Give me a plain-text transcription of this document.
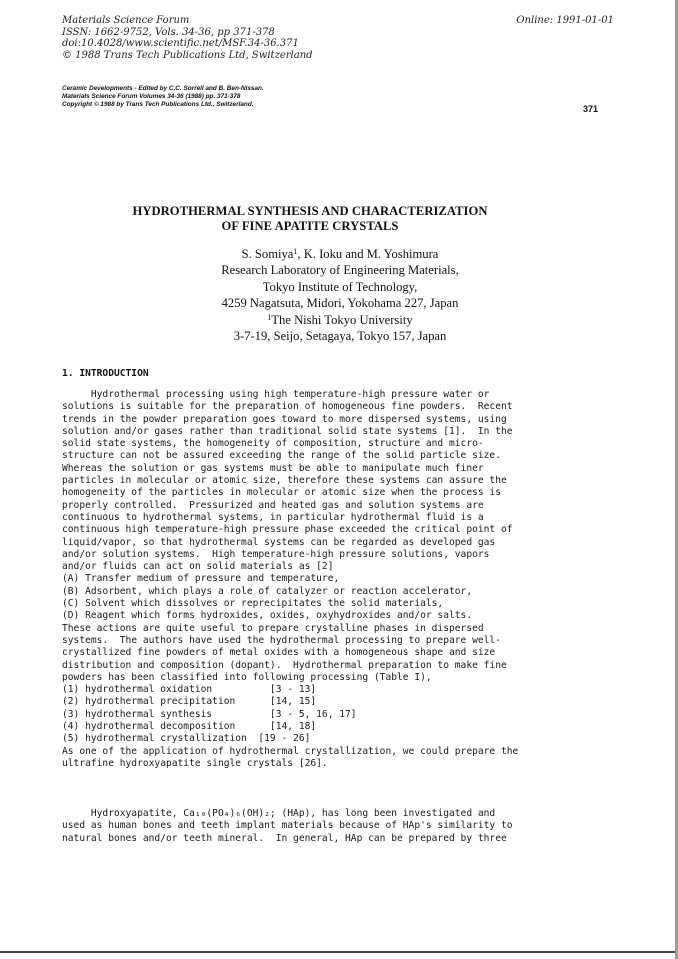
Materials Science Forum
ISSN: 1662-9752, Vols. 34-36, pp 371-378
doi:10.4028/www.scientific.net/MSF.34-36.371
© 1988 Trans Tech Publications Ltd, Switzerland
Online: 1991-01-01
Ceramic Developments - Edited by C.C. Sorrell and B. Ben-Nissan.
Materials Science Forum Volumes 34-36 (1988) pp. 371-378
Copyright © 1988 by Trans Tech Publications Ltd., Switzerland.	371
HYDROTHERMAL SYNTHESIS AND CHARACTERIZATION
OF FINE APATITE CRYSTALS
S. Somiya$^1$, K. Ioku and M. Yoshimura
Research Laboratory of Engineering Materials,
Tokyo Institute of Technology,
4259 Nagatsuta, Midori, Yokohama 227, Japan
$^1$The Nishi Tokyo University
3-7-19, Seijo, Setagaya, Tokyo 157, Japan
1. INTRODUCTION
Hydrothermal processing using high temperature-high pressure water or
solutions is suitable for the preparation of homogeneous fine powders.  Recent
trends in the powder preparation goes toward to more dispersed systems, using
solution and/or gases rather than traditional solid state systems [1].  In the
solid state systems, the homogeneity of composition, structure and micro-
structure can not be assured exceeding the range of the solid particle size.
Whereas the solution or gas systems must be able to manipulate much finer
particles in molecular or atomic size, therefore these systems can assure the
homogeneity of the particles in molecular or atomic size when the process is
properly controlled.  Pressurized and heated gas and solution systems are
continuous to hydrothermal systems, in particular hydrothermal fluid is a
continuous high temperature-high pressure phase exceeded the critical point of
liquid/vapor, so that hydrothermal systems can be regarded as developed gas
and/or solution systems.  High temperature-high pressure solutions, vapors
and/or fluids can act on solid materials as [2]
(A) Transfer medium of pressure and temperature,
(B) Adsorbent, which plays a role of catalyzer or reaction accelerator,
(C) Solvent which dissolves or reprecipitates the solid materials,
(D) Reagent which forms hydroxides, oxides, oxyhydroxides and/or salts.
These actions are quite useful to prepare crystalline phases in dispersed
systems.  The authors have used the hydrothermal processing to prepare well-
crystallized fine powders of metal oxides with a homogeneous shape and size
distribution and composition (dopant).  Hydrothermal preparation to make fine
powders has been classified into following processing (Table I),
(1) hydrothermal oxidation          [3 - 13]
(2) hydrothermal precipitation      [14, 15]
(3) hydrothermal synthesis          [3 - 5, 16, 17]
(4) hydrothermal decomposition      [14, 18]
(5) hydrothermal crystallization  [19 - 26]
As one of the application of hydrothermal crystallization, we could prepare the
ultrafine hydroxyapatite single crystals [26].
Hydroxyapatite, Ca₁₀(PO₄)₆(OH)₂; (HAp), has long been investigated and
used as human bones and teeth implant materials because of HAp's similarity to
natural bones and/or teeth mineral.  In general, HAp can be prepared by three
